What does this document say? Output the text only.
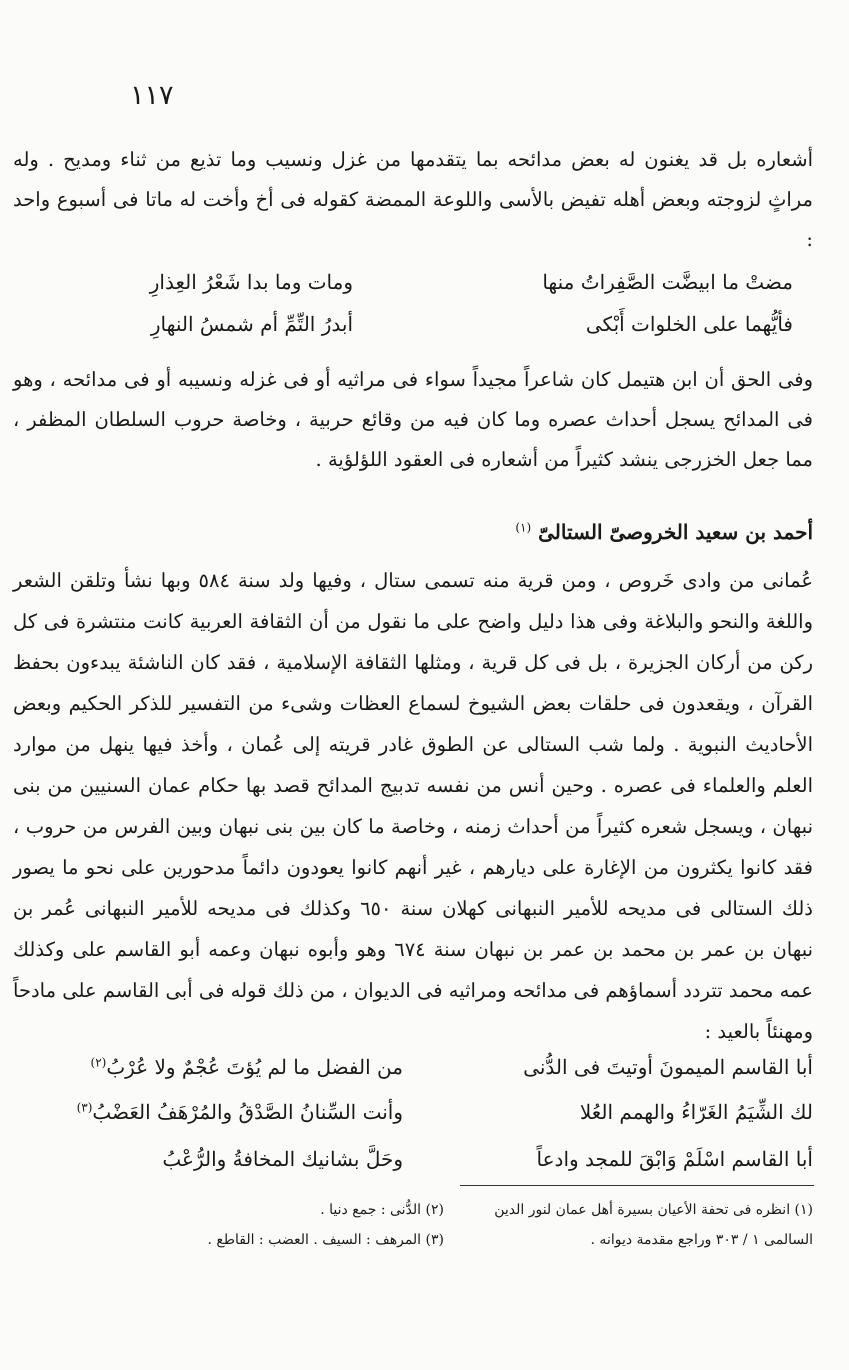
١١٧
أشعاره بل قد يغنون له بعض مدائحه بما يتقدمها من غزل ونسيب وما تذيع من ثناء ومديح . وله مراثٍ لزوجته وبعض أهله تفيض بالأسى واللوعة الممضة كقوله فى أخ وأخت له ماتا فى أسبوع واحد :
مضتْ ما ابيضَّت الصَّفِراتُ منها
ومات وما بدا شَعْرُ العِذارِ
فأيُّهما على الخلوات أَبْكى
أبدرُ التِّمِّ أم شمسُ النهارِ
وفى الحق أن ابن هتيمل كان شاعراً مجيداً سواء فى مراثيه أو فى غزله ونسيبه أو فى مدائحه ، وهو فى المدائح يسجل أحداث عصره وما كان فيه من وقائع حربية ، وخاصة حروب السلطان المظفر ، مما جعل الخزرجى ينشد كثيراً من أشعاره فى العقود اللؤلؤية .
أحمد بن سعيد الخروصىّ الستالىّ $^{(١)}$
عُمانى من وادى خَروص ، ومن قرية منه تسمى ستال ، وفيها ولد سنة ٥٨٤ وبها نشأ وتلقن الشعر واللغة والنحو والبلاغة وفى هذا دليل واضح على ما نقول من أن الثقافة العربية كانت منتشرة فى كل ركن من أركان الجزيرة ، بل فى كل قرية ، ومثلها الثقافة الإسلامية ، فقد كان الناشئة يبدءون بحفظ القرآن ، ويقعدون فى حلقات بعض الشيوخ لسماع العظات وشىء من التفسير للذكر الحكيم وبعض الأحاديث النبوية . ولما شب الستالى عن الطوق غادر قريته إلى عُمان ، وأخذ فيها ينهل من موارد العلم والعلماء فى عصره . وحين أنس من نفسه تدبيج المدائح قصد بها حكام عمان السنيين من بنى نبهان ، ويسجل شعره كثيراً من أحداث زمنه ، وخاصة ما كان بين بنى نبهان وبين الفرس من حروب ، فقد كانوا يكثرون من الإغارة على ديارهم ، غير أنهم كانوا يعودون دائماً مدحورين على نحو ما يصور ذلك الستالى فى مديحه للأمير النبهانى كهلان سنة ٦٥٠ وكذلك فى مديحه للأمير النبهانى عُمر بن نبهان بن عمر بن محمد بن عمر بن نبهان سنة ٦٧٤ وهو وأبوه نبهان وعمه أبو القاسم على وكذلك عمه محمد تتردد أسماؤهم فى مدائحه ومراثيه فى الديوان ، من ذلك قوله فى أبى القاسم على مادحاً ومهنئاً بالعيد :
أبا القاسم الميمونَ أوتيتَ فى الدُّنى
من الفضل ما لم يُؤتَ عُجْمٌ ولا عُرْبُ$^{(٢)}$
لك الشِّيَمُ الغَرّاءُ والهمم العُلا
وأنت السِّنانُ الصَّدْقُ والمُرْهَفُ العَضْبُ$^{(٣)}$
أبا القاسم اسْلَمْ وَابْقَ للمجد وادعاً
وحَلَّ بشانيك المخافةُ والرُّعْبُ
(١) انظره فى تحفة الأعيان بسيرة أهل عمان لنور الدين السالمى ١ / ٣٠٣ وراجع مقدمة ديوانه .
(٢) الدُّنى : جمع دنيا .
(٣) المرهف : السيف . العضب : القاطع .
